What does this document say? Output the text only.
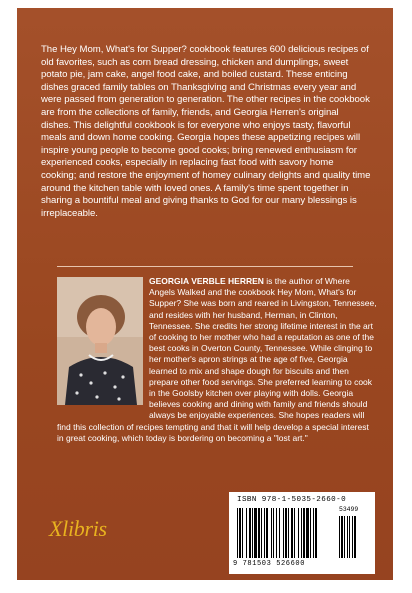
The Hey Mom, What's for Supper? cookbook features 600 delicious recipes of old favorites, such as corn bread dressing, chicken and dumplings, sweet potato pie, jam cake, angel food cake, and boiled custard. These enticing dishes graced family tables on Thanksgiving and Christmas every year and were passed from generation to generation. The other recipes in the cookbook are from the collections of family, friends, and Georgia Herren's original dishes. This delightful cookbook is for everyone who enjoys tasty, flavorful meals and down home cooking. Georgia hopes these appetizing recipes will inspire young people to become good cooks; bring renewed enthusiasm for experienced cooks, especially in replacing fast food with savory home cooking; and restore the enjoyment of homey culinary delights and quality time around the kitchen table with loved ones. A family's time spent together in sharing a bountiful meal and giving thanks to God for our many blessings is irreplaceable.

GEORGIA VERBLE HERREN is the author of Where Angels Walked and the cookbook Hey Mom, What's for Supper? She was born and reared in Livingston, Tennessee, and resides with her husband, Herman, in Clinton, Tennessee. She credits her strong lifetime interest in the art of cooking to her mother who had a reputation as one of the best cooks in Overton County, Tennessee. While clinging to her mother's apron strings at the age of five, Georgia learned to mix and shape dough for biscuits and then prepare other food servings. She preferred learning to cook in the Goolsby kitchen over playing with dolls. Georgia believes cooking and dining with family and friends should always be enjoyable experiences. She hopes readers will find this collection of recipes tempting and that it will help develop a special interest in great cooking, which today is bordering on becoming a "lost art."

Xlibris
ISBN 978-1-5035-2660-0
53499
9 781503 526600
